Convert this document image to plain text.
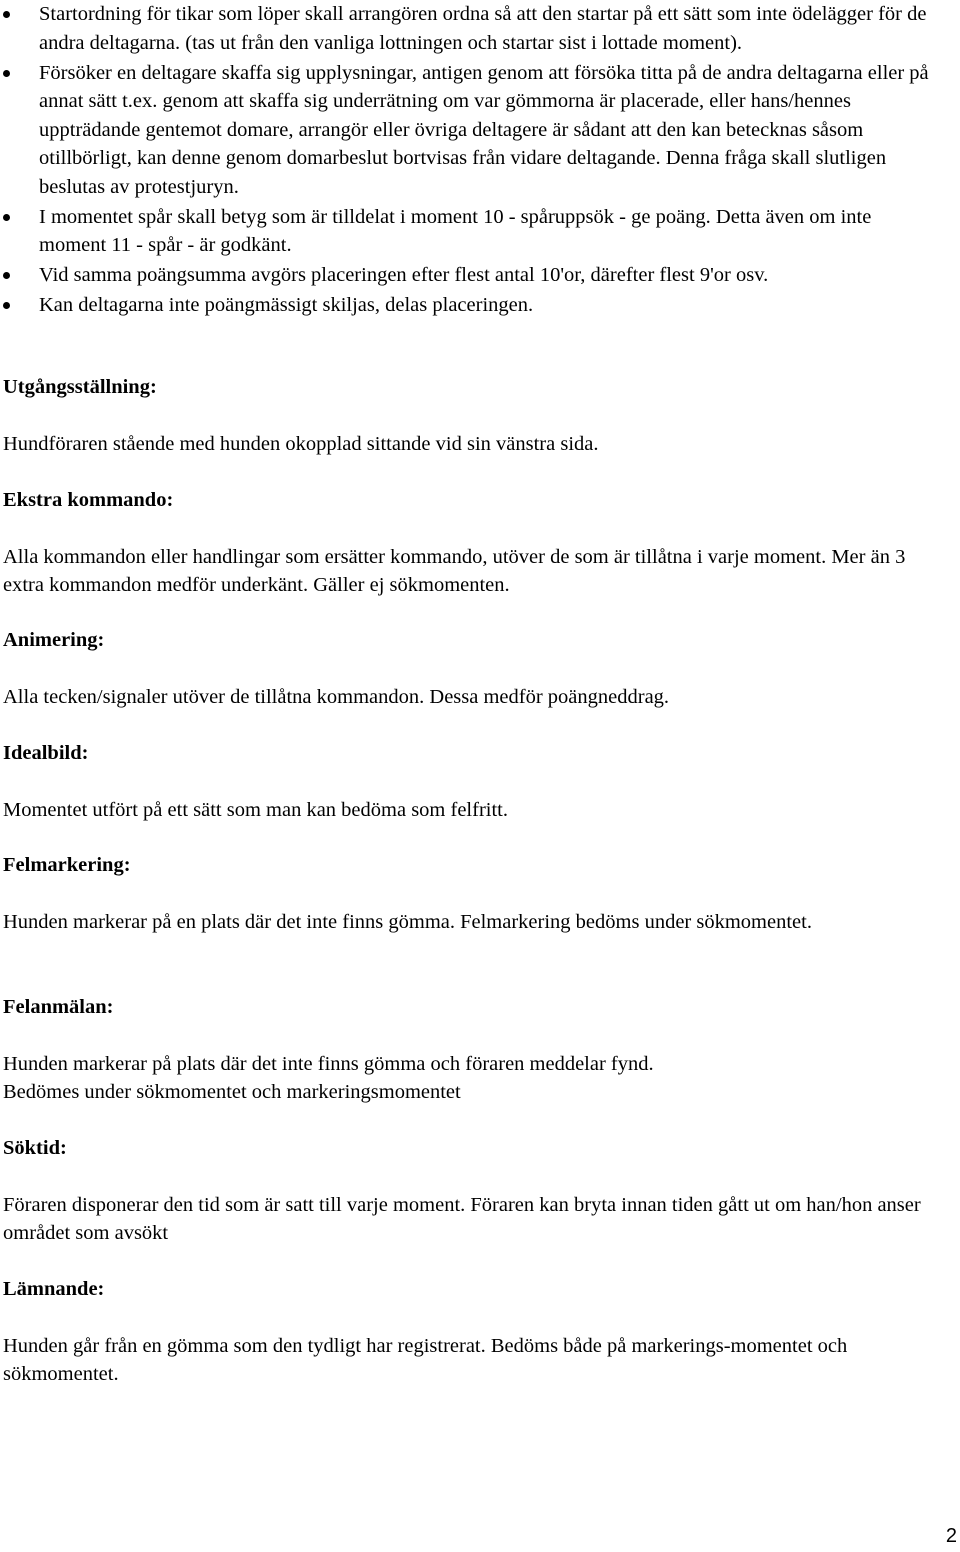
Startordning för tikar som löper skall arrangören ordna så att den startar på ett sätt som inte ödelägger för de andra deltagarna. (tas ut från den vanliga lottningen och startar sist i lottade moment).
Försöker en deltagare skaffa sig upplysningar, antigen genom att försöka titta på de andra deltagarna eller på annat sätt t.ex. genom att skaffa sig underrätning om var gömmorna är placerade, eller hans/hennes uppträdande gentemot domare, arrangör eller övriga deltagere är sådant att den kan betecknas såsom otillbörligt, kan denne genom domarbeslut bortvisas från vidare deltagande. Denna fråga skall slutligen beslutas av protestjuryn.
I momentet spår skall betyg som är tilldelat i moment 10 - spåruppsök - ge poäng. Detta även om inte moment 11 - spår - är godkänt.
Vid samma poängsumma avgörs placeringen efter flest antal 10'or, därefter flest 9'or osv.
Kan deltagarna inte poängmässigt skiljas, delas placeringen.
Utgångsställning:

Hundföraren stående med hunden okopplad sittande vid sin vänstra sida.

Ekstra kommando:

Alla kommandon eller handlingar som ersätter kommando, utöver de som är tillåtna i varje moment. Mer än 3 extra kommandon medför underkänt. Gäller ej sökmomenten.

Animering:

Alla tecken/signaler utöver de tillåtna kommandon. Dessa medför poängneddrag.

Idealbild:

Momentet utfört på ett sätt som man kan bedöma som felfritt.

Felmarkering:

Hunden markerar på en plats där det inte finns gömma. Felmarkering bedöms under sökmomentet.

Felanmälan:

Hunden markerar på plats där det inte finns gömma och föraren meddelar fynd.

Bedömes under sökmomentet och markeringsmomentet

Söktid:

Föraren disponerar den tid som är satt till varje moment. Föraren kan bryta innan tiden gått ut om han/hon anser området som avsökt

Lämnande:

Hunden går från en gömma som den tydligt har registrerat. Bedöms både på markerings-momentet och sökmomentet.

2
